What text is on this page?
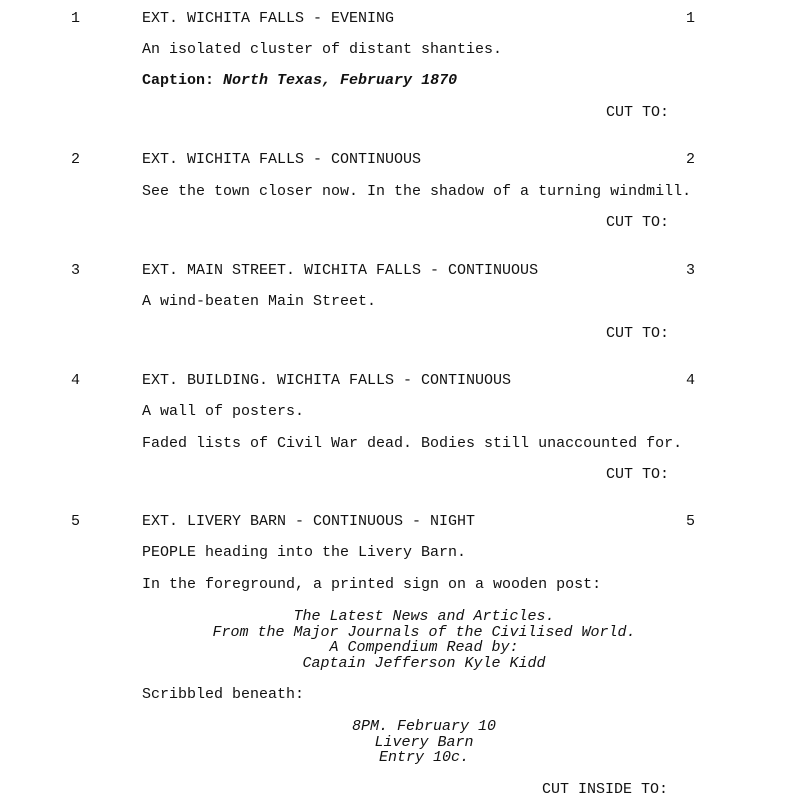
1	EXT. WICHITA FALLS - EVENING	1
An isolated cluster of distant shanties.
Caption: North Texas, February 1870
CUT TO:
2	EXT. WICHITA FALLS - CONTINUOUS	2
See the town closer now. In the shadow of a turning windmill.
CUT TO:
3	EXT. MAIN STREET. WICHITA FALLS - CONTINUOUS	3
A wind-beaten Main Street.
CUT TO:
4	EXT. BUILDING. WICHITA FALLS - CONTINUOUS	4
A wall of posters.
Faded lists of Civil War dead. Bodies still unaccounted for.
CUT TO:
5	EXT. LIVERY BARN - CONTINUOUS - NIGHT	5
PEOPLE heading into the Livery Barn.
In the foreground, a printed sign on a wooden post:
The Latest News and Articles.
From the Major Journals of the Civilised World.
A Compendium Read by:
Captain Jefferson Kyle Kidd
Scribbled beneath:
8PM. February 10
Livery Barn
Entry 10c.
CUT INSIDE TO:
